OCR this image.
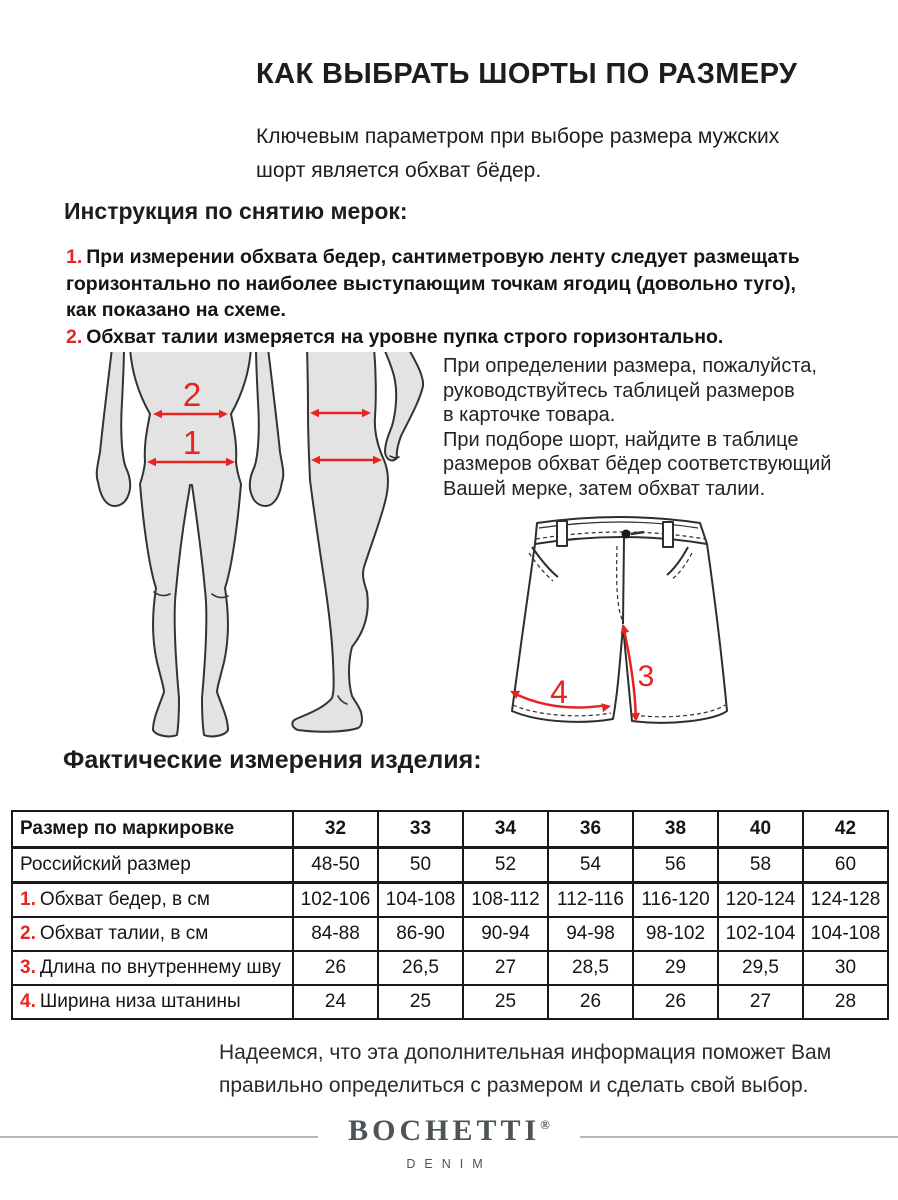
КАК ВЫБРАТЬ ШОРТЫ ПО РАЗМЕРУ
Ключевым параметром при выборе размера мужских
шорт является обхват бёдер.
Инструкция по снятию мерок:
1. При измерении обхвата бедер, сантиметровую ленту следует размещать
горизонтально по наиболее выступающим точкам ягодиц (довольно туго),
как показано на схеме.
2. Обхват талии измеряется на уровне пупка строго горизонтально.
2
1
При определении размера, пожалуйста,
руководствуйтесь таблицей размеров
в карточке товара.
При подборе шорт, найдите в таблице
размеров обхват бёдер соответствующий
Вашей мерке, затем обхват талии.
3
4
Фактические измерения изделия:
Размер по маркировке	32	33	34	36	38	40	42
Российский размер	48-50	50	52	54	56	58	60
1. Обхват бедер, в см	102-106	104-108	108-112	112-116	116-120	120-124	124-128
2. Обхват талии, в см	84-88	86-90	90-94	94-98	98-102	102-104	104-108
3. Длина по внутреннему шву	26	26,5	27	28,5	29	29,5	30
4. Ширина низа штанины	24	25	25	26	26	27	28
Надеемся, что эта дополнительная информация поможет Вам
правильно определиться с размером и сделать свой выбор.
BOCHETTI®
DENIM
